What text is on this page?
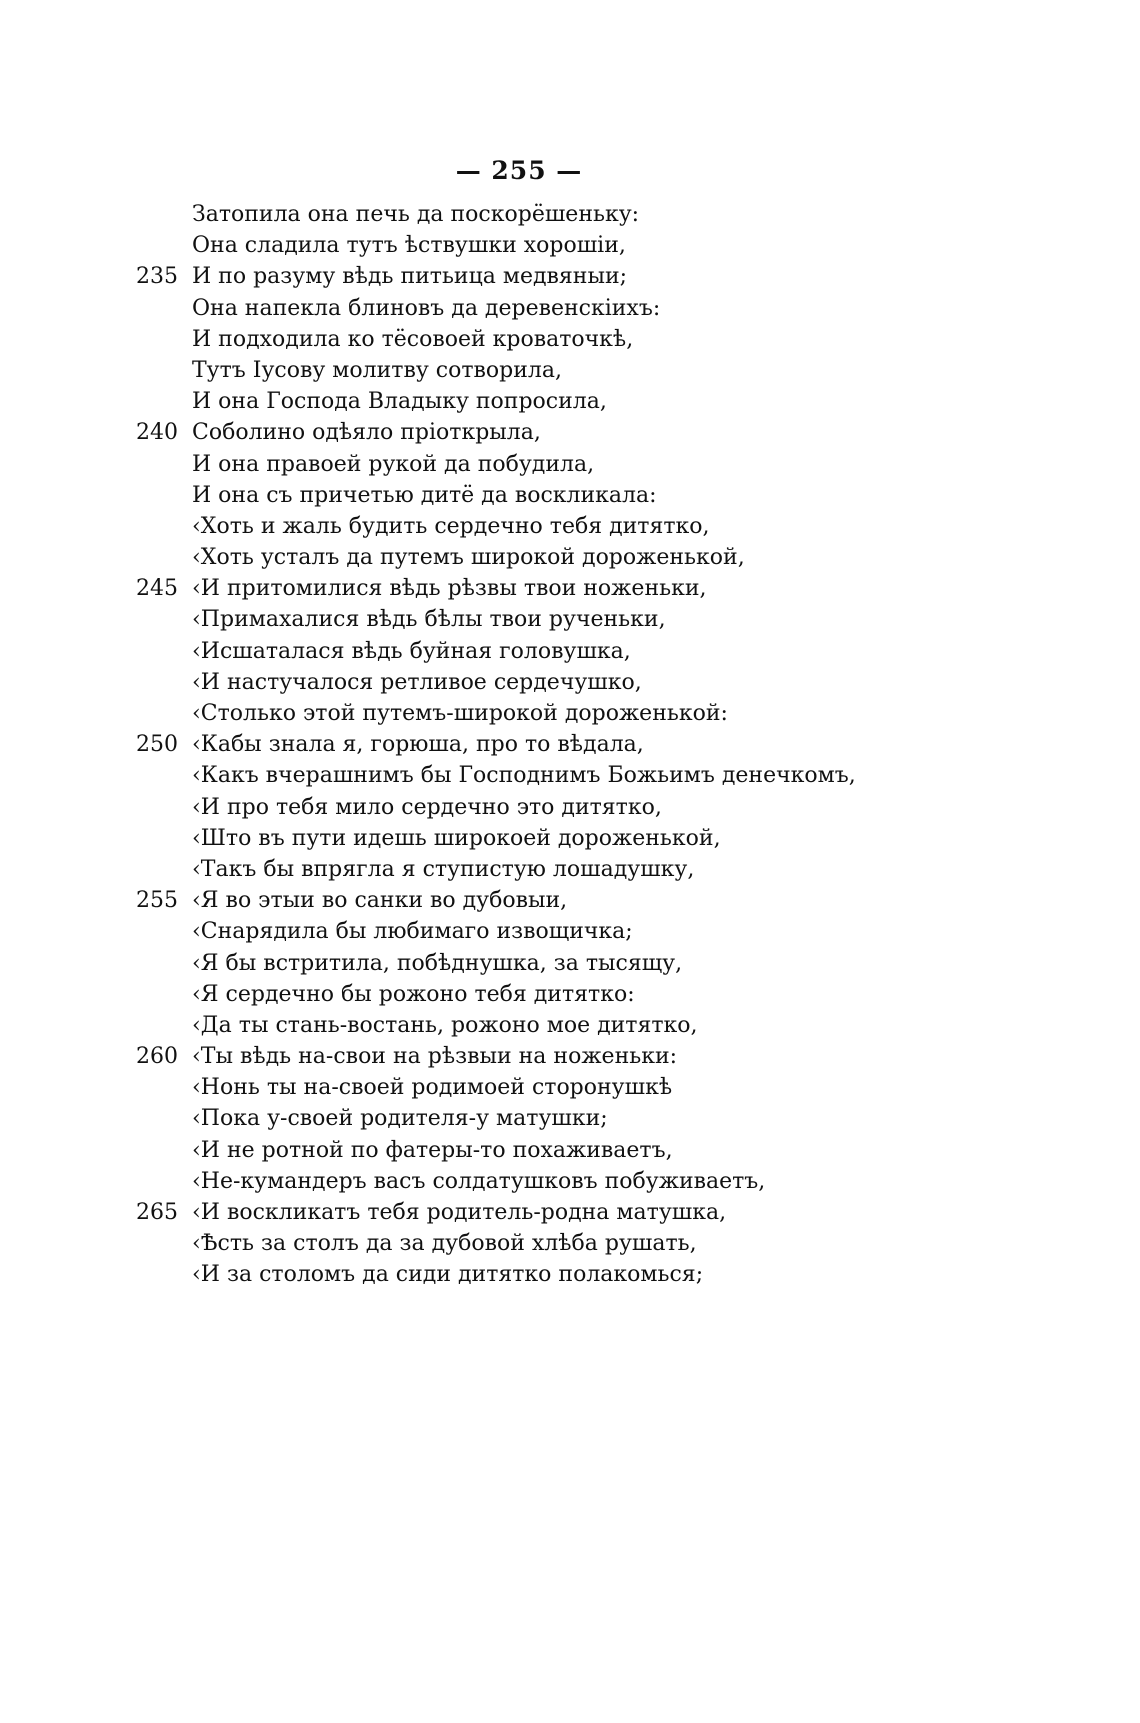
— 255 —
Затопила она печь да поскорёшеньку:
Она сладила тутъ ѣствушки хорошіи,
235 И по разуму вѣдь питьица медвяныи;
Она напекла блиновъ да деревенскіихъ:
И подходила ко тёсовоей кроваточкѣ,
Тутъ Іусову молитву сотворила,
И она Господа Владыку попросила,
240 Соболино одѣяло пріоткрыла,
И она правоей рукой да побудила,
И она съ причетью дитё да воскликала:
‹Хоть и жаль будить сердечно тебя дитятко,
‹Хоть усталъ да путемъ широкой дороженькой,
245 ‹И притомилися вѣдь рѣзвы твои ноженьки,
‹Примахалися вѣдь бѣлы твои рученьки,
‹Исшаталася вѣдь буйная головушка,
‹И настучалося ретливое сердечушко,
‹Столько этой путемъ-широкой дороженькой:
250 ‹Кабы знала я, горюша, про то вѣдала,
‹Какъ вчерашнимъ бы Господнимъ Божьимъ денечкомъ,
‹И про тебя мило сердечно это дитятко,
‹Што въ пути идешь широкоей дороженькой,
‹Такъ бы впрягла я ступистую лошадушку,
255 ‹Я во этыи во санки во дубовыи,
‹Снарядила бы любимаго извощичка;
‹Я бы встритила, побѣднушка, за тысящу,
‹Я сердечно бы рожоно тебя дитятко:
‹Да ты стань-востань, рожоно мое дитятко,
260 ‹Ты вѣдь на-свои на рѣзвыи на ноженьки:
‹Нонь ты на-своей родимоей сторонушкѣ
‹Пока у-своей родителя-у матушки;
‹И не ротной по фатеры-то похаживаетъ,
‹Не-кумандеръ васъ солдатушковъ побуживаетъ,
265 ‹И воскликатъ тебя родитель-родна матушка,
‹Ѣсть за столъ да за дубовой хлѣба рушать,
‹И за столомъ да сиди дитятко полакомься;
